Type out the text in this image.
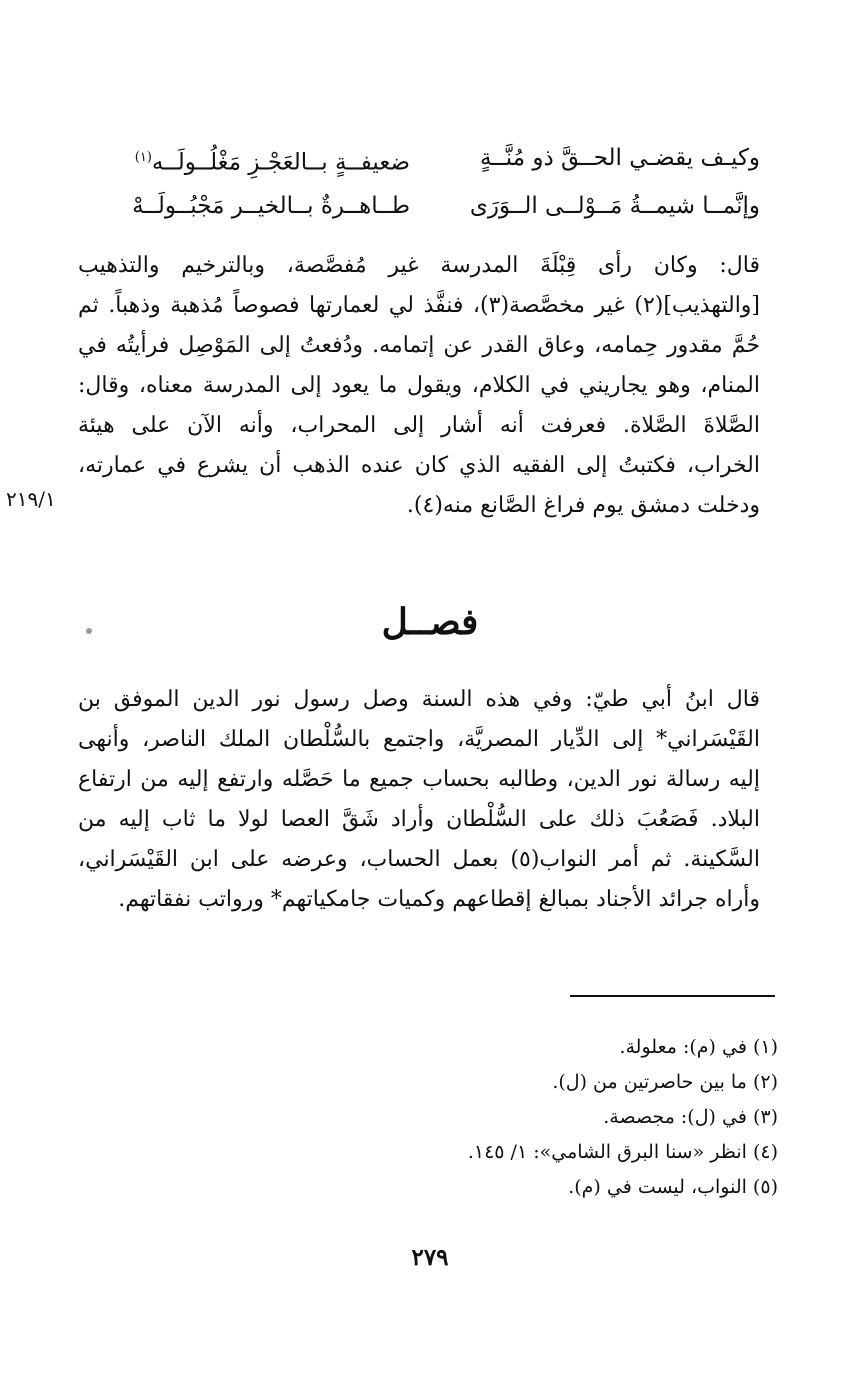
وكيـف يقضـي الحــقَّ ذو مُنَّــةٍ
ضعيفــةٍ بــالعَجْـزِ مَغْلُــولَــه$^{(١)}$
وإنَّمــا شيمــةُ مَــوْلــى الــوَرَى
طــاهــرةٌ بــالخيــر مَجْبُــولَــهْ
قال: وكان رأى قِبْلَةَ المدرسة غير مُفصَّصة، وبالترخيم والتذهيب
[والتهذيب](٢) غير مخصَّصة(٣)، فنفَّذ لي لعمارتها فصوصاً مُذهبة وذهباً. ثم
حُمَّ مقدور حِمامه، وعاق القدر عن إتمامه. ودُفعتُ إلى المَوْصِل فرأيتُه في
المنام، وهو يجاريني في الكلام، ويقول ما يعود إلى المدرسة معناه، وقال:
الصَّلاةَ الصَّلاة. فعرفت أنه أشار إلى المحراب، وأنه الآن على هيئة
الخراب، فكتبتُ إلى الفقيه الذي كان عنده الذهب أن يشرع في عمارته،
ودخلت دمشق يوم فراغ الصَّانع منه(٤).
٢١٩/١
فصــل
قال ابنُ أبي طيّ: وفي هذه السنة وصل رسول نور الدين الموفق بن
القَيْسَراني* إلى الدِّيار المصريَّة، واجتمع بالسُّلْطان الملك الناصر، وأنهى
إليه رسالة نور الدين، وطالبه بحساب جميع ما حَصَّله وارتفع إليه من ارتفاع
البلاد. فَصَعُبَ ذلك على السُّلْطان وأراد شَقَّ العصا لولا ما ثاب إليه من
السَّكينة. ثم أمر النواب(٥) بعمل الحساب، وعرضه على ابن القَيْسَراني،
وأراه جرائد الأجناد بمبالغ إقطاعهم وكميات جامكياتهم* ورواتب نفقاتهم.
(١) في (م): معلولة.
(٢) ما بين حاصرتين من (ل).
(٣) في (ل): مجصصة.
(٤) انظر «سنا البرق الشامي»: ١/ ١٤٥.
(٥) النواب، ليست في (م).
٢٧٩
